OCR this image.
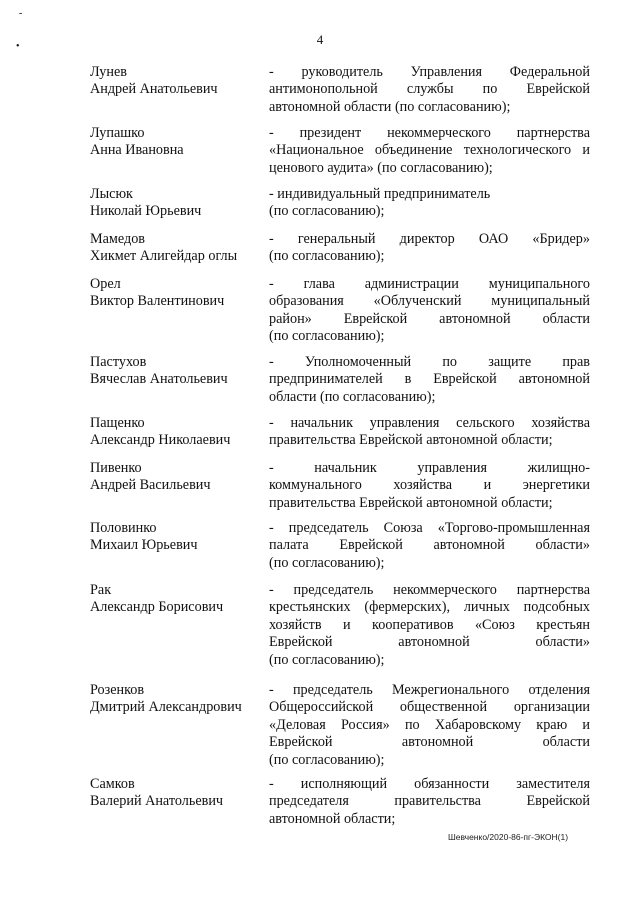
-
•	4
Лунев
Андрей Анатольевич
- руководитель Управления Федеральной
антимонопольной службы по Еврейской
автономной области (по согласованию);
Лупашко
Анна Ивановна
- президент некоммерческого партнерства
«Национальное объединение технологического и
ценового аудита» (по согласованию);
Лысюк
Николай Юрьевич
- индивидуальный предприниматель
(по согласованию);
Мамедов
Хикмет Алигейдар оглы
- генеральный директор ОАО «Бридер»
(по согласованию);
Орел
Виктор Валентинович
- глава администрации муниципального
образования «Облученский муниципальный
район» Еврейской автономной области
(по согласованию);
Пастухов
Вячеслав Анатольевич
- Уполномоченный по защите прав
предпринимателей в Еврейской автономной
области (по согласованию);
Пащенко
Александр Николаевич
- начальник управления сельского хозяйства
правительства Еврейской автономной области;
Пивенко
Андрей Васильевич
- начальник управления жилищно-
коммунального хозяйства и энергетики
правительства Еврейской автономной области;
Половинко
Михаил Юрьевич
- председатель Союза «Торгово-промышленная
палата Еврейской автономной области»
(по согласованию);
Рак
Александр Борисович
- председатель некоммерческого партнерства
крестьянских (фермерских), личных подсобных
хозяйств и кооперативов «Союз крестьян
Еврейской автономной области»
(по согласованию);
Розенков
Дмитрий Александрович
- председатель Межрегионального отделения
Общероссийской общественной организации
«Деловая Россия» по Хабаровскому краю и
Еврейской автономной области
(по согласованию);
Самков
Валерий Анатольевич
- исполняющий обязанности заместителя
председателя правительства Еврейской
автономной области;
Шевченко/2020-86-пг-ЭКОН(1)
